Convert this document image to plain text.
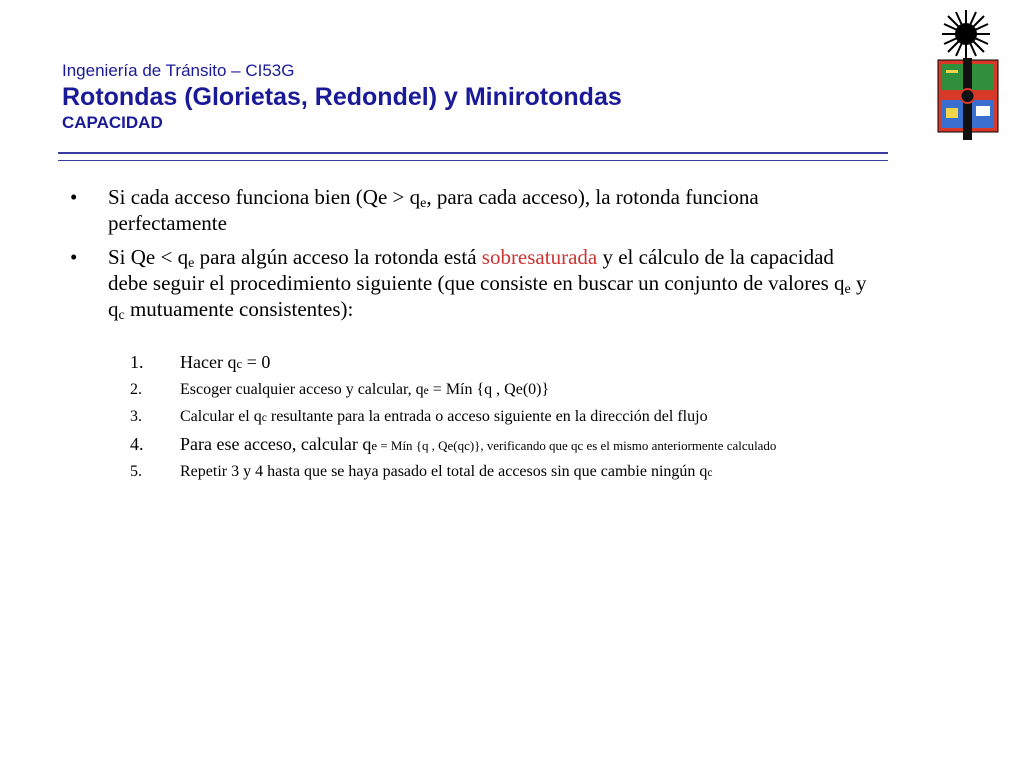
Ingeniería de Tránsito – CI53G
Rotondas (Glorietas, Redondel) y Minirotondas
CAPACIDAD
• Si cada acceso funciona bien ($Qe > q_e$, para cada acceso), la rotonda funciona perfectamente
• Si $Qe < q_e$ para algún acceso la rotonda está sobresaturada y el cálculo de la capacidad debe seguir el procedimiento siguiente (que consiste en buscar un conjunto de valores $q_e$ y $q_c$ mutuamente consistentes):
1. Hacer qc = 0
2. Escoger cualquier acceso y calcular, qe = Mín {q , Qe(0)}
3. Calcular el qc resultante para la entrada o acceso siguiente en la dirección del flujo
4. Para ese acceso, calcular qe = Mín {q , Qe(qc)}, verificando que qc es el mismo anteriormente calculado
5. Repetir 3 y 4 hasta que se haya pasado el total de accesos sin que cambie ningún qc
